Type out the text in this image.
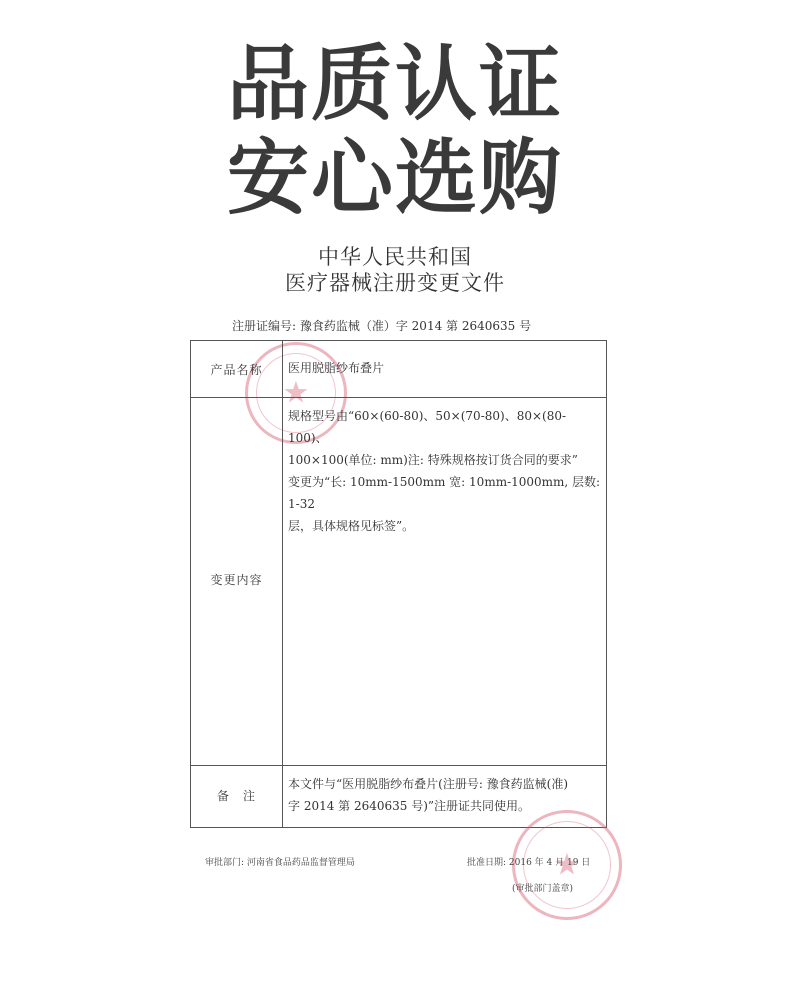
品质认证
安心选购
中华人民共和国
医疗器械注册变更文件
注册证编号: 豫食药监械（准）字 2014 第 2640635 号
★
产品名称	医用脱脂纱布叠片
变更内容
规格型号由“60×(60-80)、50×(70-80)、80×(80-100)、
100×100(单位: mm)注: 特殊规格按订货合同的要求”
变更为“长: 10mm-1500mm 宽: 10mm-1000mm, 层数: 1-32
层，具体规格见标签”。
备　注
本文件与“医用脱脂纱布叠片(注册号: 豫食药监械(准)
字 2014 第 2640635 号)”注册证共同使用。
★
审批部门: 河南省食品药品监督管理局	批准日期: 2016 年 4 月 19 日
(审批部门盖章)
